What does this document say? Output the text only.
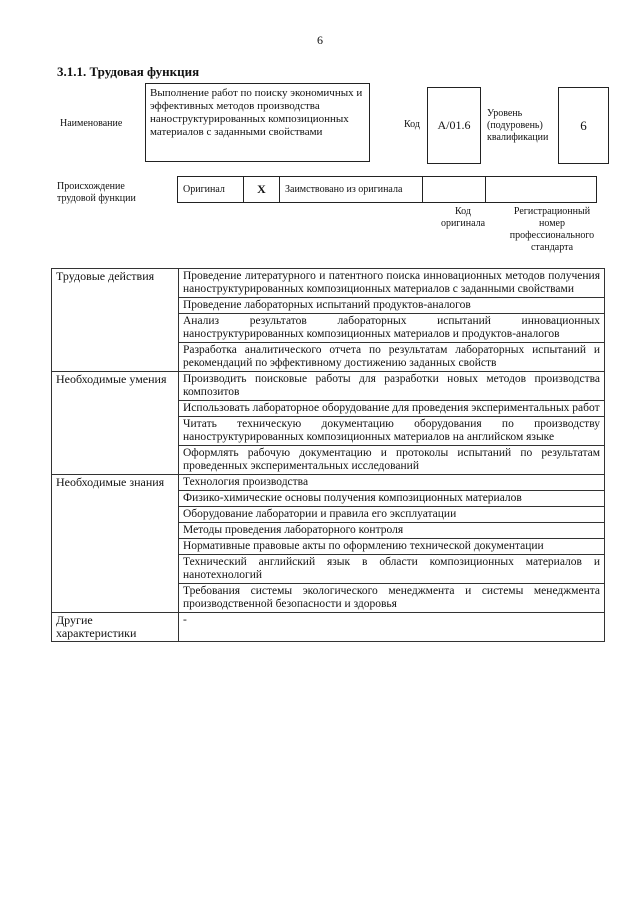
6
3.1.1. Трудовая функция
Наименование
Выполнение работ по поиску экономичных и эффективных методов производства наноструктурированных композиционных материалов с заданными свойствами
Код	А/01.6
Уровень (подуровень) квалификации
6
Происхождение трудовой функции
Оригинал	X	Заимствовано из оригинала		
Код оригинала
Регистрационный номер профессионального стандарта
Трудовые действия	Проведение литературного и патентного поиска инновационных методов получения наноструктурированных композиционных материалов с заданными свойствами
	Проведение лабораторных испытаний продуктов-аналогов
	Анализ результатов лабораторных испытаний инновационных наноструктурированных композиционных материалов и продуктов-аналогов
	Разработка аналитического отчета по результатам лабораторных испытаний и рекомендаций по эффективному достижению заданных свойств
Необходимые умения	Производить поисковые работы для разработки новых методов производства композитов
	Использовать лабораторное оборудование для проведения экспериментальных работ
	Читать техническую документацию оборудования по производству наноструктурированных композиционных материалов на английском языке
	Оформлять рабочую документацию и протоколы испытаний по результатам проведенных экспериментальных исследований
Необходимые знания	Технология производства
	Физико-химические основы получения композиционных материалов
	Оборудование лаборатории и правила его эксплуатации
	Методы проведения лабораторного контроля
	Нормативные правовые акты по оформлению технической документации
	Технический английский язык в области композиционных материалов и нанотехнологий
	Требования системы экологического менеджмента и системы менеджмента производственной безопасности и здоровья
Другие характеристики	-
